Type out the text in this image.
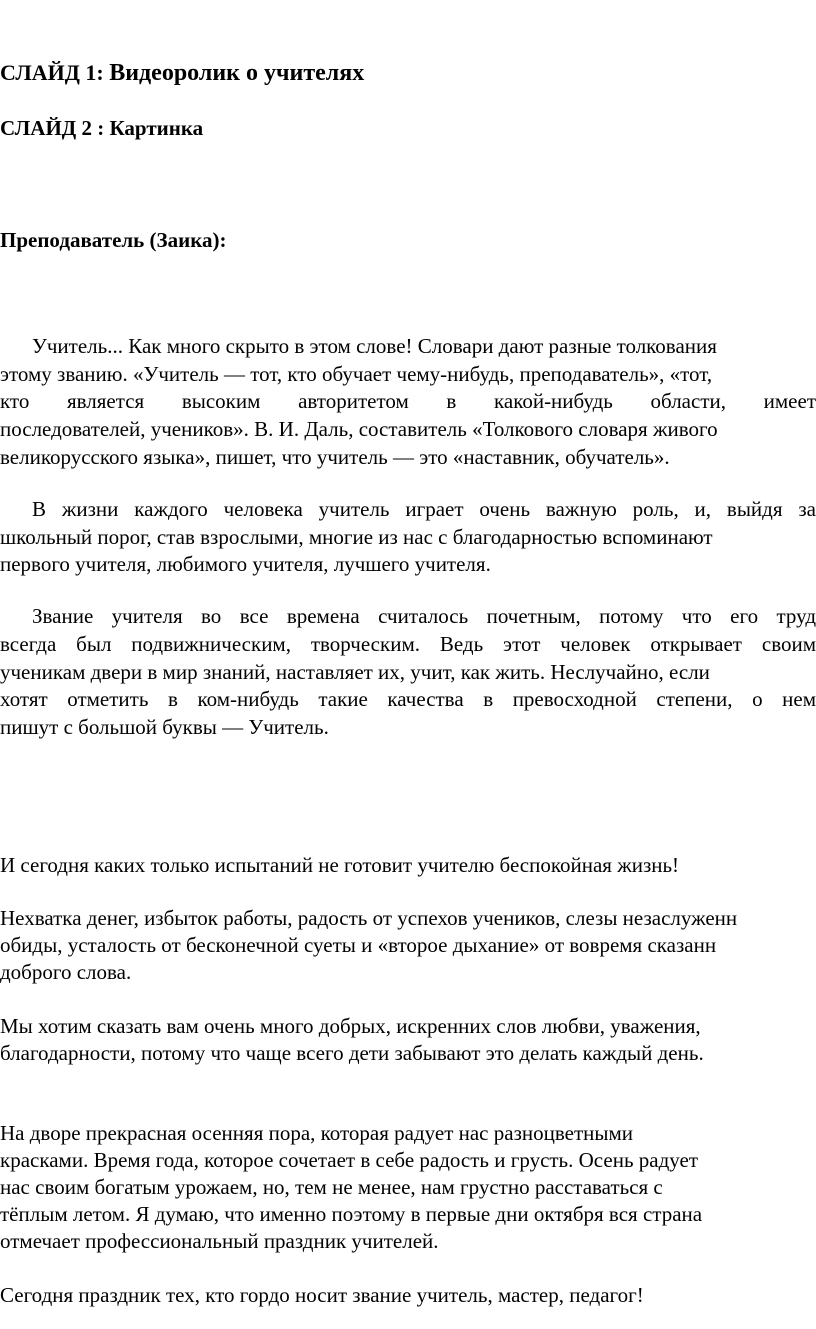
СЛАЙД 1: Видеоролик о учителях
СЛАЙД 2 : Картинка
Преподаватель (Заика):
Учитель... Как много скрыто в этом слове! Словари дают разные толкования
этому званию. «Учитель — тот, кто обучает чему-нибудь, преподаватель», «тот,
кто является высоким авторитетом в какой-нибудь области, имеет
последователей, учеников». В. И. Даль, составитель «Толкового словаря живого
великорусского языка», пишет, что учитель — это «наставник, обучатель».
В жизни каждого человека учитель играет очень важную роль, и, выйдя за
школьный порог, став взрослыми, многие из нас с благодарностью вспоминают
первого учителя, любимого учителя, лучшего учителя.
Звание учителя во все времена считалось почетным, потому что его труд
всегда был подвижническим, творческим. Ведь этот человек открывает своим
ученикам двери в мир знаний, наставляет их, учит, как жить. Неслучайно, если
хотят отметить в ком-нибудь такие качества в превосходной степени, о нем
пишут с большой буквы — Учитель.
И сегодня каких только испытаний не готовит учителю беспокойная жизнь!
Нехватка денег, избыток работы, радость от успехов учеников, слезы незаслуженн
обиды, усталость от бесконечной суеты и «второе дыхание» от вовремя сказанн
доброго слова.
Мы хотим сказать вам очень много добрых, искренних слов любви, уважения,
благодарности, потому что чаще всего дети забывают это делать каждый день.
На дворе прекрасная осенняя пора, которая радует нас разноцветными
красками. Время года, которое сочетает в себе радость и грусть. Осень радует
нас своим богатым урожаем, но, тем не менее, нам грустно расставаться с
тёплым летом. Я думаю, что именно поэтому в первые дни октября вся страна
отмечает профессиональный праздник учителей.
Сегодня праздник тех, кто гордо носит звание учитель, мастер, педагог!
